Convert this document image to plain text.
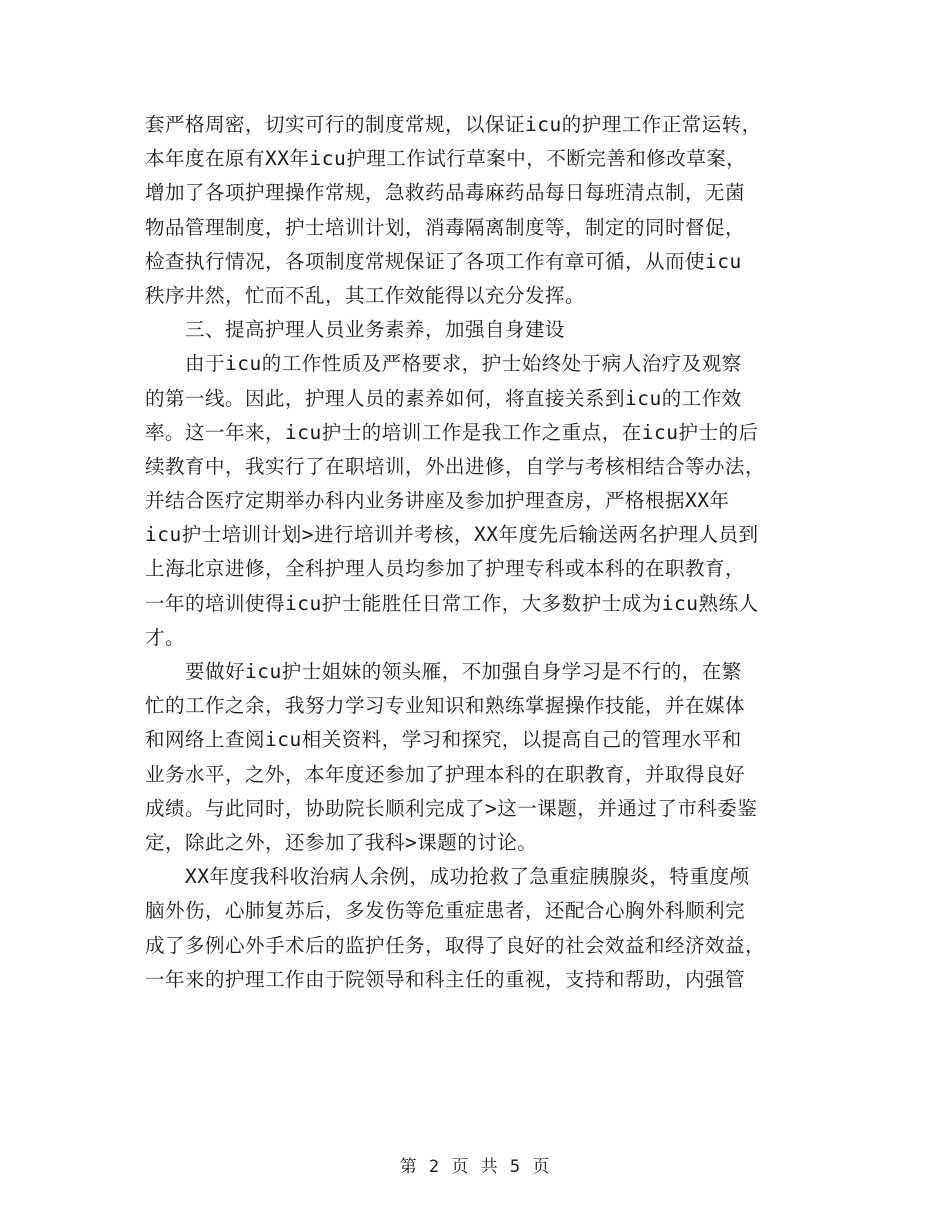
套严格周密，切实可行的制度常规，以保证icu的护理工作正常运转，
本年度在原有XX年icu护理工作试行草案中，不断完善和修改草案，
增加了各项护理操作常规，急救药品毒麻药品每日每班清点制，无菌
物品管理制度，护士培训计划，消毒隔离制度等，制定的同时督促，
检查执行情况，各项制度常规保证了各项工作有章可循，从而使icu
秩序井然，忙而不乱，其工作效能得以充分发挥。
三、提高护理人员业务素养，加强自身建设
由于icu的工作性质及严格要求，护士始终处于病人治疗及观察
的第一线。因此，护理人员的素养如何，将直接关系到icu的工作效
率。这一年来，icu护士的培训工作是我工作之重点，在icu护士的后
续教育中，我实行了在职培训，外出进修，自学与考核相结合等办法，
并结合医疗定期举办科内业务讲座及参加护理查房，严格根据XX年
icu护士培训计划>进行培训并考核，XX年度先后输送两名护理人员到
上海北京进修，全科护理人员均参加了护理专科或本科的在职教育，
一年的培训使得icu护士能胜任日常工作，大多数护士成为icu熟练人
才。
要做好icu护士姐妹的领头雁，不加强自身学习是不行的，在繁
忙的工作之余，我努力学习专业知识和熟练掌握操作技能，并在媒体
和网络上查阅icu相关资料，学习和探究，以提高自己的管理水平和
业务水平，之外，本年度还参加了护理本科的在职教育，并取得良好
成绩。与此同时，协助院长顺利完成了>这一课题，并通过了市科委鉴
定，除此之外，还参加了我科>课题的讨论。
XX年度我科收治病人余例，成功抢救了急重症胰腺炎，特重度颅
脑外伤，心肺复苏后，多发伤等危重症患者，还配合心胸外科顺利完
成了多例心外手术后的监护任务，取得了良好的社会效益和经济效益，
一年来的护理工作由于院领导和科主任的重视，支持和帮助，内强管
第 2 页 共 5 页
